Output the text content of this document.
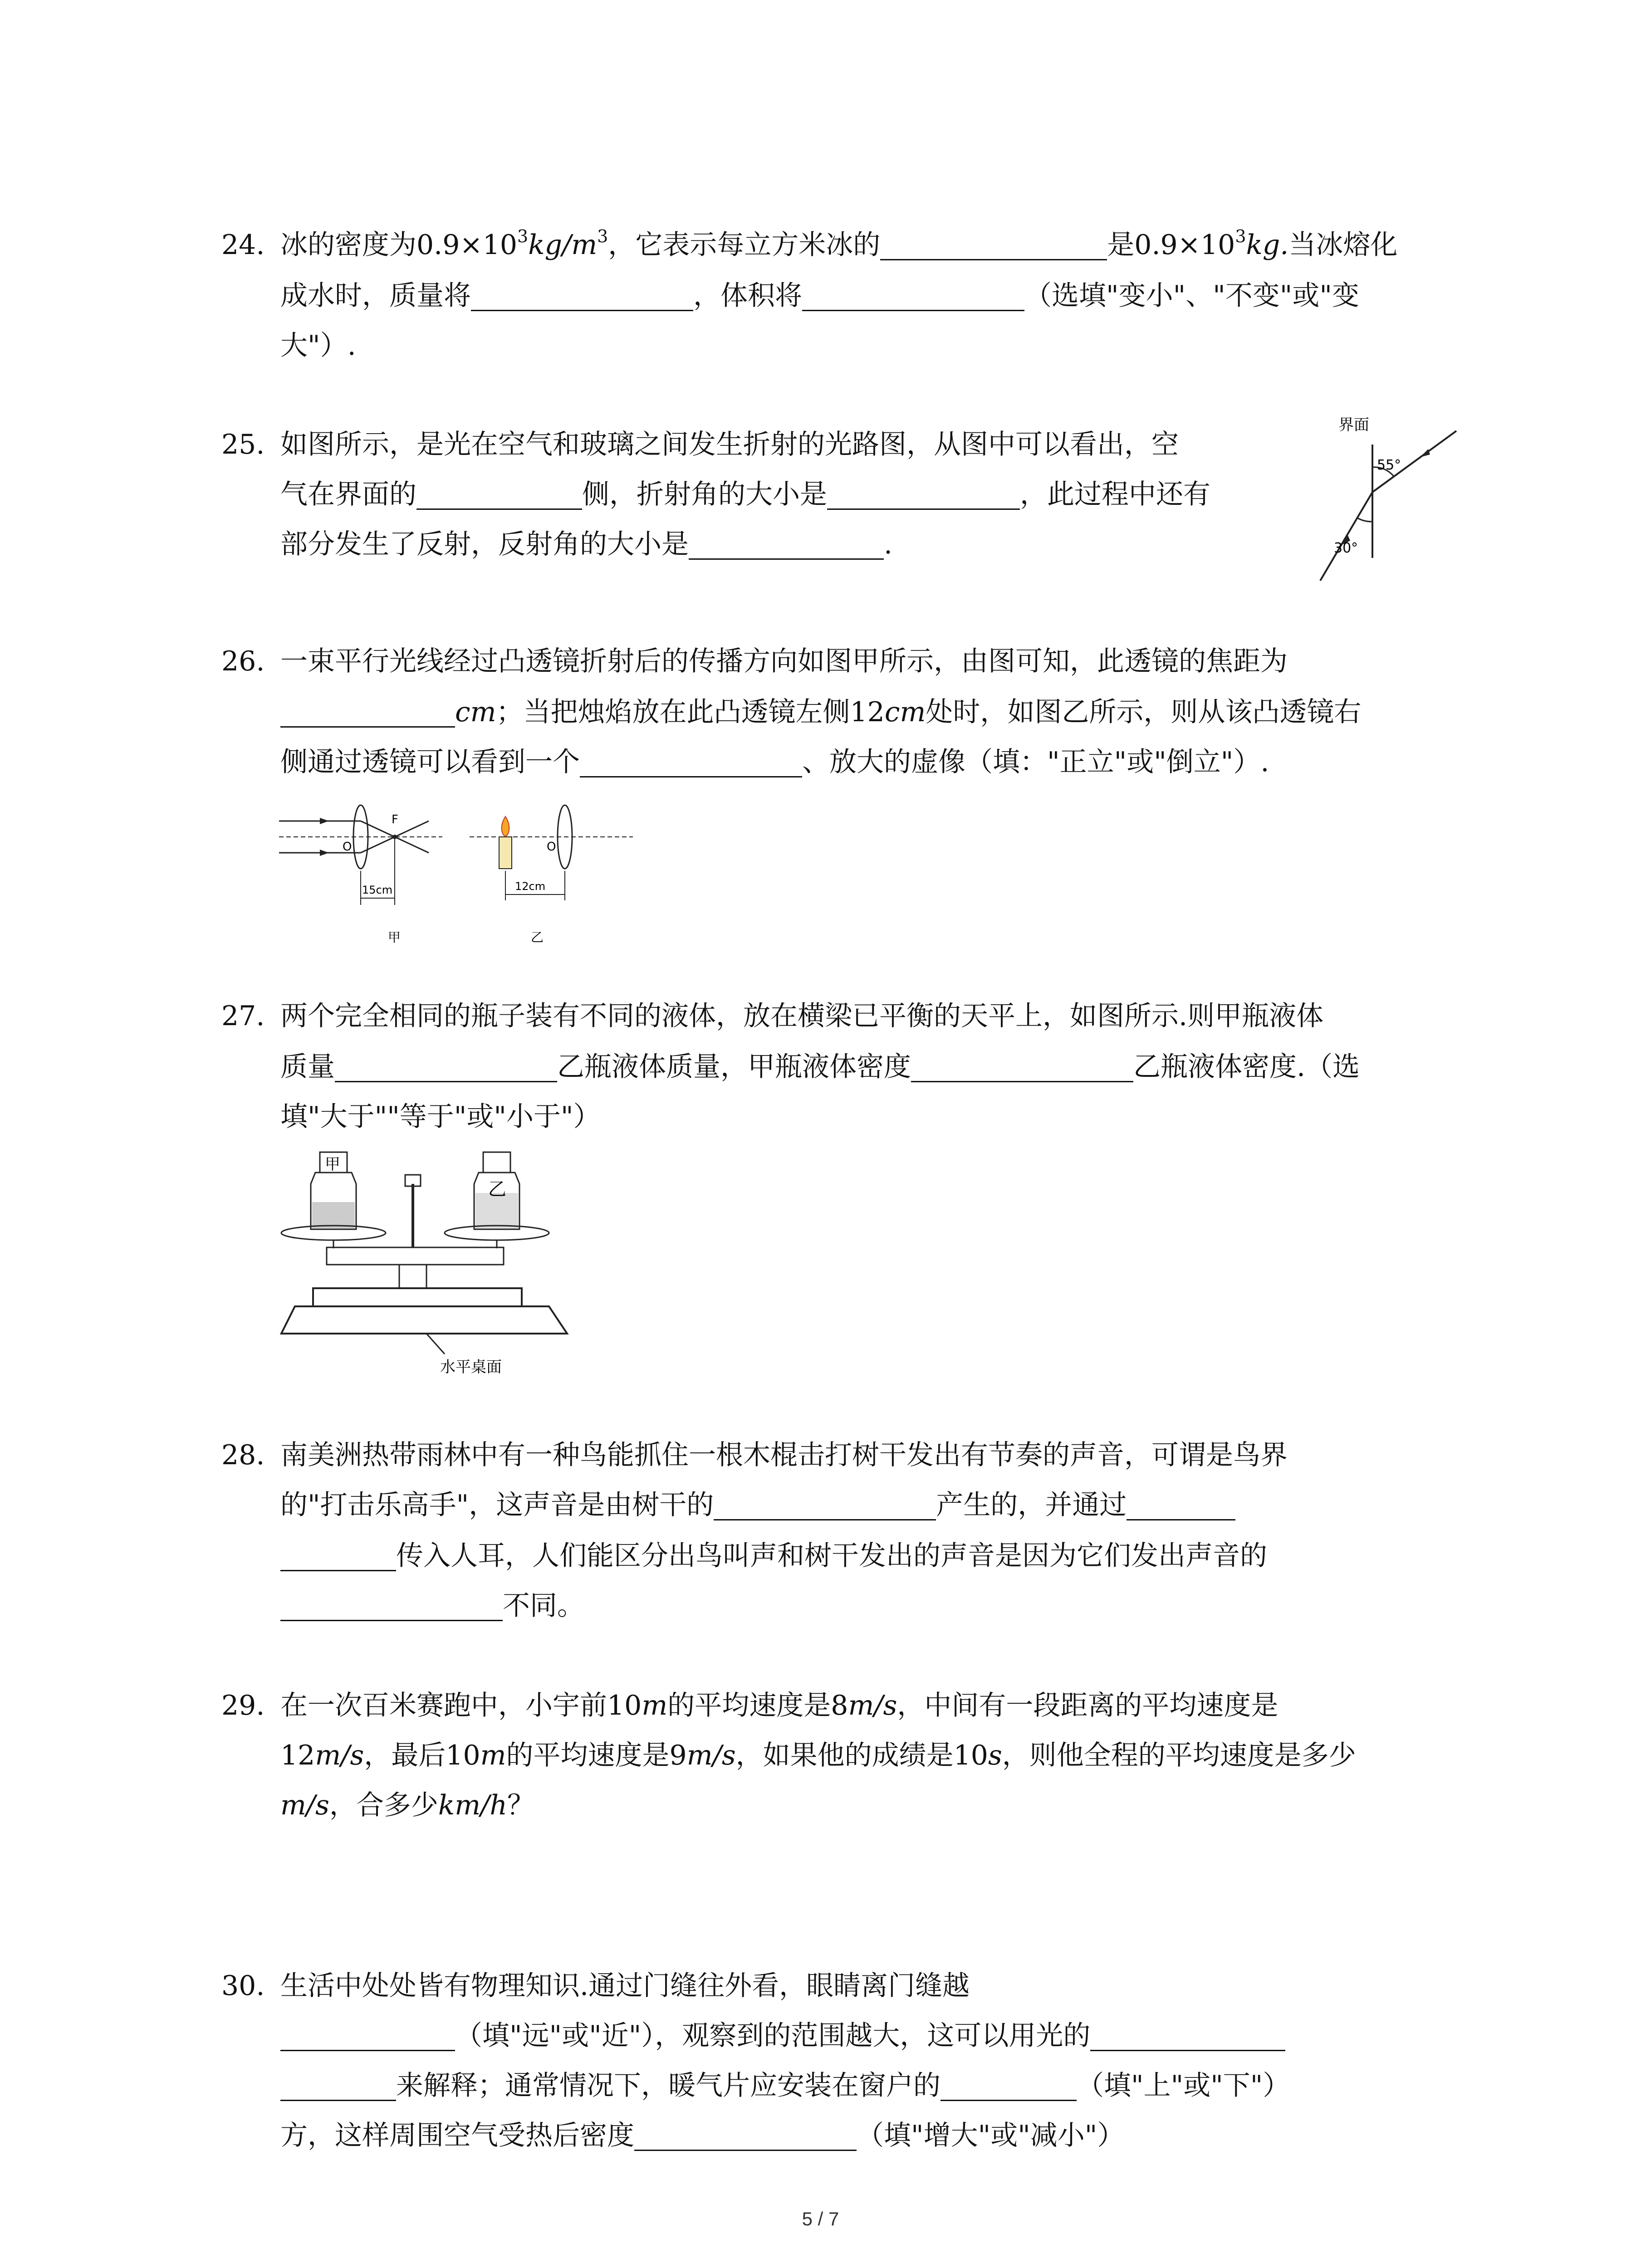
24. 冰的密度为$0.9\times 10^3kg/m^3$，它表示每立方米冰的	是$0.9\times 10^3kg$.当冰熔化
成水时，质量将	，体积将	（选填"变小"、"不变"或"变
大"）.
25. 如图所示，是光在空气和玻璃之间发生折射的光路图，从图中可以看出，空
气在界面的	侧，折射角的大小是	，此过程中还有
部分发生了反射，反射角的大小是	.
界面
55°
30°
26. 一束平行光线经过凸透镜折射后的传播方向如图甲所示，由图可知，此透镜的焦距为
cm；当把烛焰放在此凸透镜左侧12cm处时，如图乙所示，则从该凸透镜右
侧通过透镜可以看到一个	、放大的虚像（填："正立"或"倒立"）.
F
O
15cm
甲
O
12cm
乙
27. 两个完全相同的瓶子装有不同的液体，放在横梁已平衡的天平上，如图所示.则甲瓶液体
质量	乙瓶液体质量，甲瓶液体密度	乙瓶液体密度.（选
填"大于""等于"或"小于"）
甲
乙
水平桌面
28. 南美洲热带雨林中有一种鸟能抓住一根木棍击打树干发出有节奏的声音，可谓是鸟界
的"打击乐高手"，这声音是由树干的	产生的，并通过
传入人耳，人们能区分出鸟叫声和树干发出的声音是因为它们发出声音的
不同。
29. 在一次百米赛跑中，小宇前10m的平均速度是8m/s，中间有一段距离的平均速度是
12m/s，最后10m的平均速度是9m/s，如果他的成绩是10s，则他全程的平均速度是多少
m/s，合多少km/h？
30. 生活中处处皆有物理知识.通过门缝往外看，眼睛离门缝越
（填"远"或"近"），观察到的范围越大，这可以用光的
来解释；通常情况下，暖气片应安装在窗户的	（填"上"或"下"）
方，这样周围空气受热后密度	（填"增大"或"减小"）
5 / 7
